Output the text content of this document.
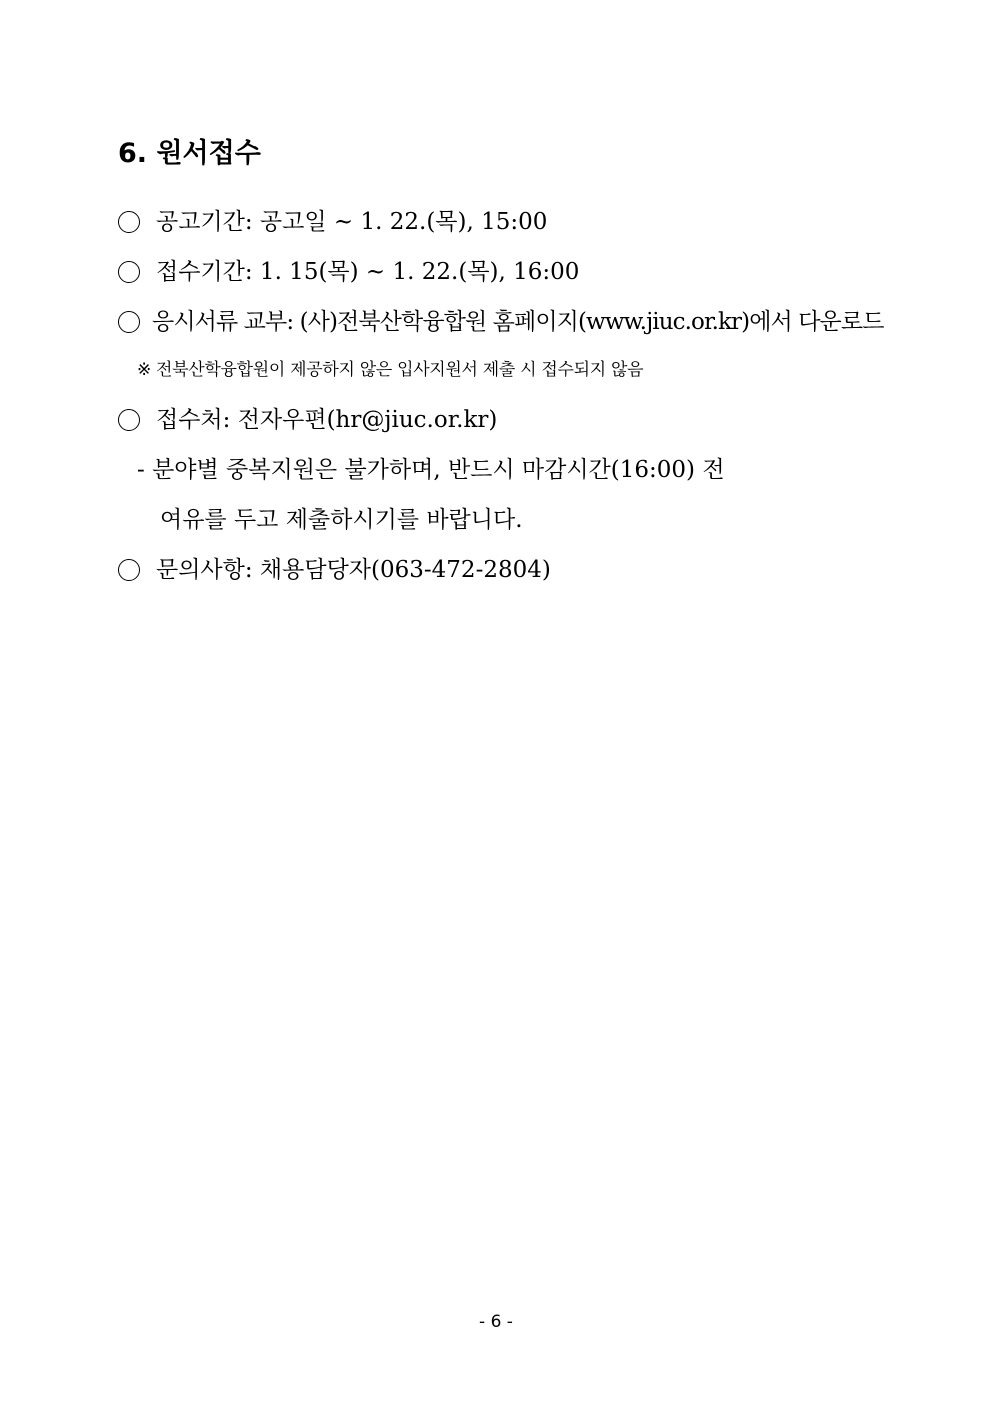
6. 원서접수
공고기간: 공고일 ~ 1. 22.(목), 15:00
접수기간: 1. 15(목) ~ 1. 22.(목), 16:00
응시서류 교부: (사)전북산학융합원 홈페이지(www.jiuc.or.kr)에서 다운로드
※ 전북산학융합원이 제공하지 않은 입사지원서 제출 시 접수되지 않음
접수처: 전자우편(hr@jiuc.or.kr)
- 분야별 중복지원은 불가하며, 반드시 마감시간(16:00) 전
여유를 두고 제출하시기를 바랍니다.
문의사항: 채용담당자(063-472-2804)
- 6 -
